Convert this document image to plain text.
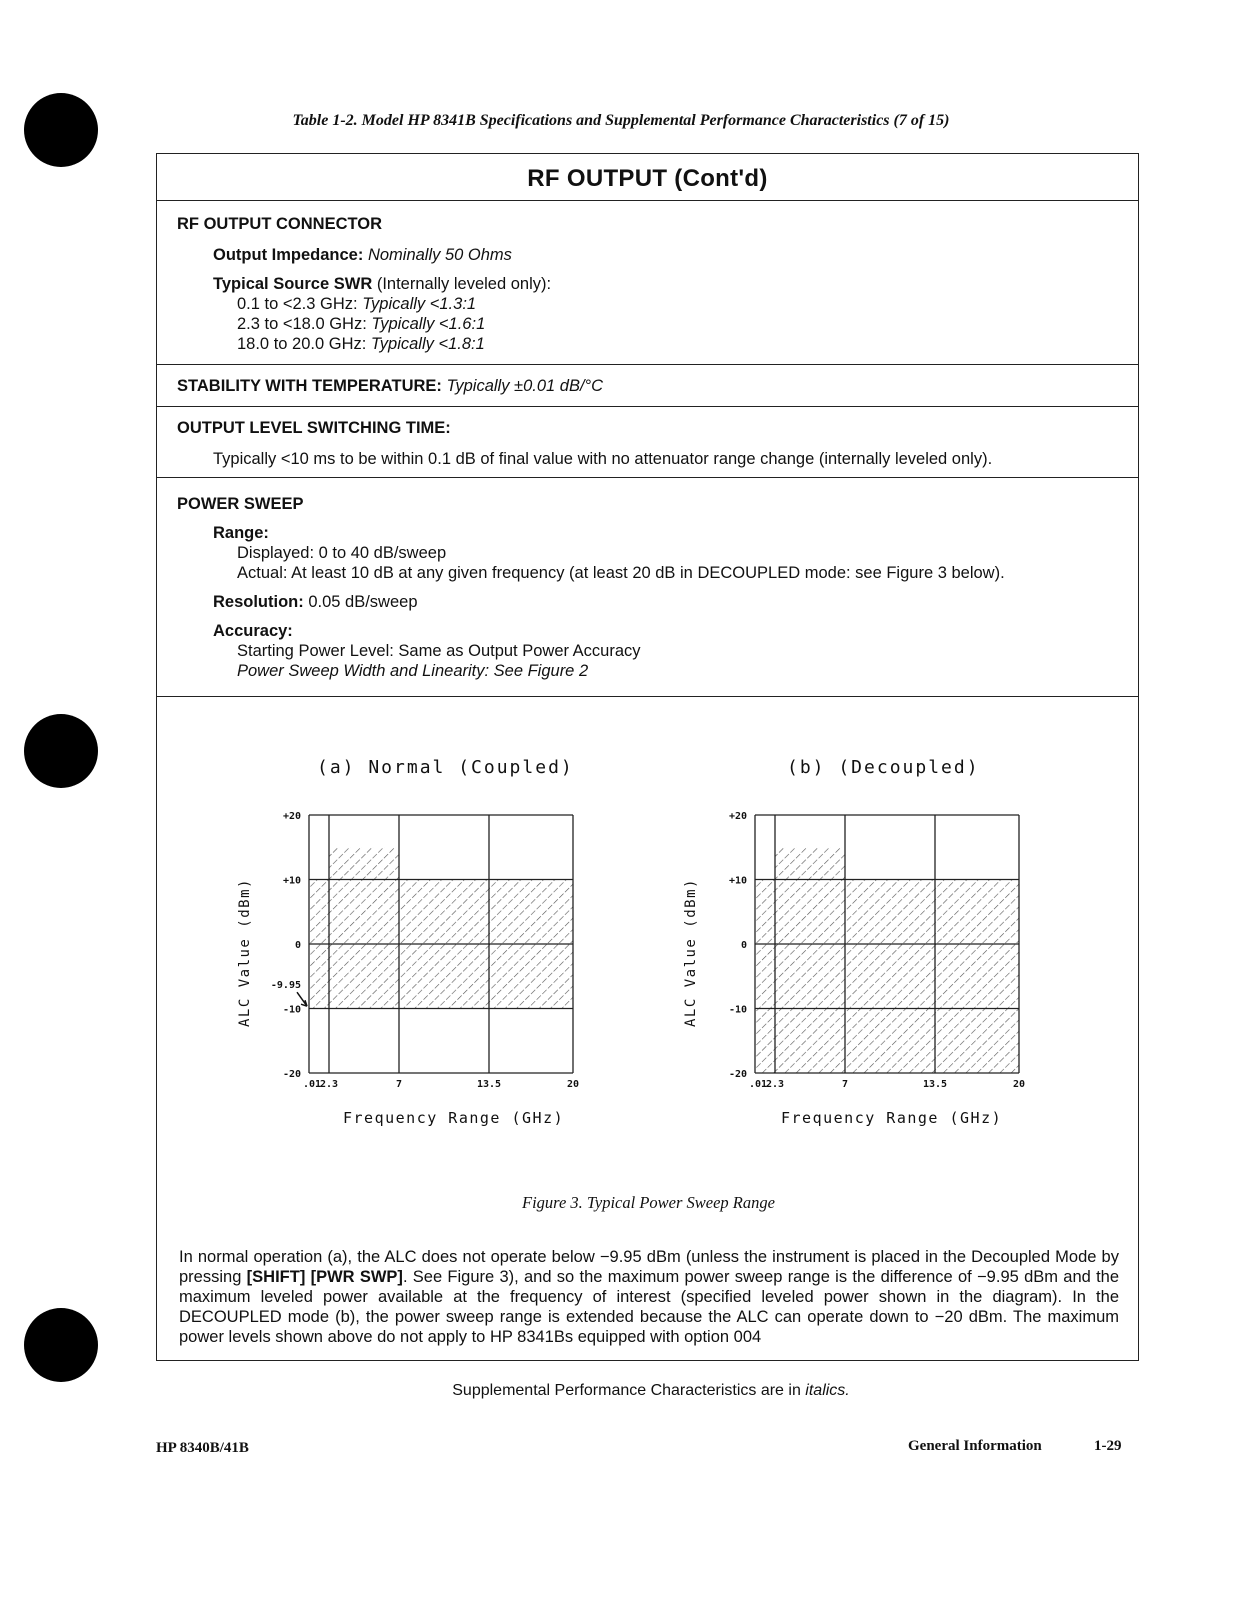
Table 1-2. Model HP 8341B Specifications and Supplemental Performance Characteristics (7 of 15)
RF OUTPUT (Cont'd)
RF OUTPUT CONNECTOR
Output Impedance: Nominally 50 Ohms
Typical Source SWR (Internally leveled only):
0.1 to <2.3 GHz: Typically <1.3:1
2.3 to <18.0 GHz: Typically <1.6:1
18.0 to 20.0 GHz: Typically <1.8:1
STABILITY WITH TEMPERATURE: Typically ±0.01 dB/°C
OUTPUT LEVEL SWITCHING TIME:
Typically <10 ms to be within 0.1 dB of final value with no attenuator range change (internally leveled only).
POWER SWEEP
Range:
Displayed: 0 to 40 dB/sweep
Actual: At least 10 dB at any given frequency (at least 20 dB in DECOUPLED mode: see Figure 3 below).
Resolution: 0.05 dB/sweep
Accuracy:
Starting Power Level: Same as Output Power Accuracy
Power Sweep Width and Linearity: See Figure 2
(a) Normal (Coupled)	(b) (Decoupled)
ALC Value (dBm)	ALC Value (dBm)
+20
+10
0
-10
-20
.01
2.3	7	13.5	20
-9.95
+20
+10
0
-10
-20
.01
2.3	7	13.5	20
Frequency Range (GHz)	Frequency Range (GHz)
Figure 3. Typical Power Sweep Range
In normal operation (a), the ALC does not operate below −9.95 dBm (unless the instrument is placed in the Decoupled Mode by pressing [SHIFT] [PWR SWP]. See Figure 3), and so the maximum power sweep range is the difference of −9.95 dBm and the maximum leveled power available at the frequency of interest (specified leveled power shown in the diagram). In the DECOUPLED mode (b), the power sweep range is extended because the ALC can operate down to −20 dBm. The maximum power levels shown above do not apply to HP 8341Bs equipped with option 004
Supplemental Performance Characteristics are in italics.
HP 8340B/41B	General Information	1-29
